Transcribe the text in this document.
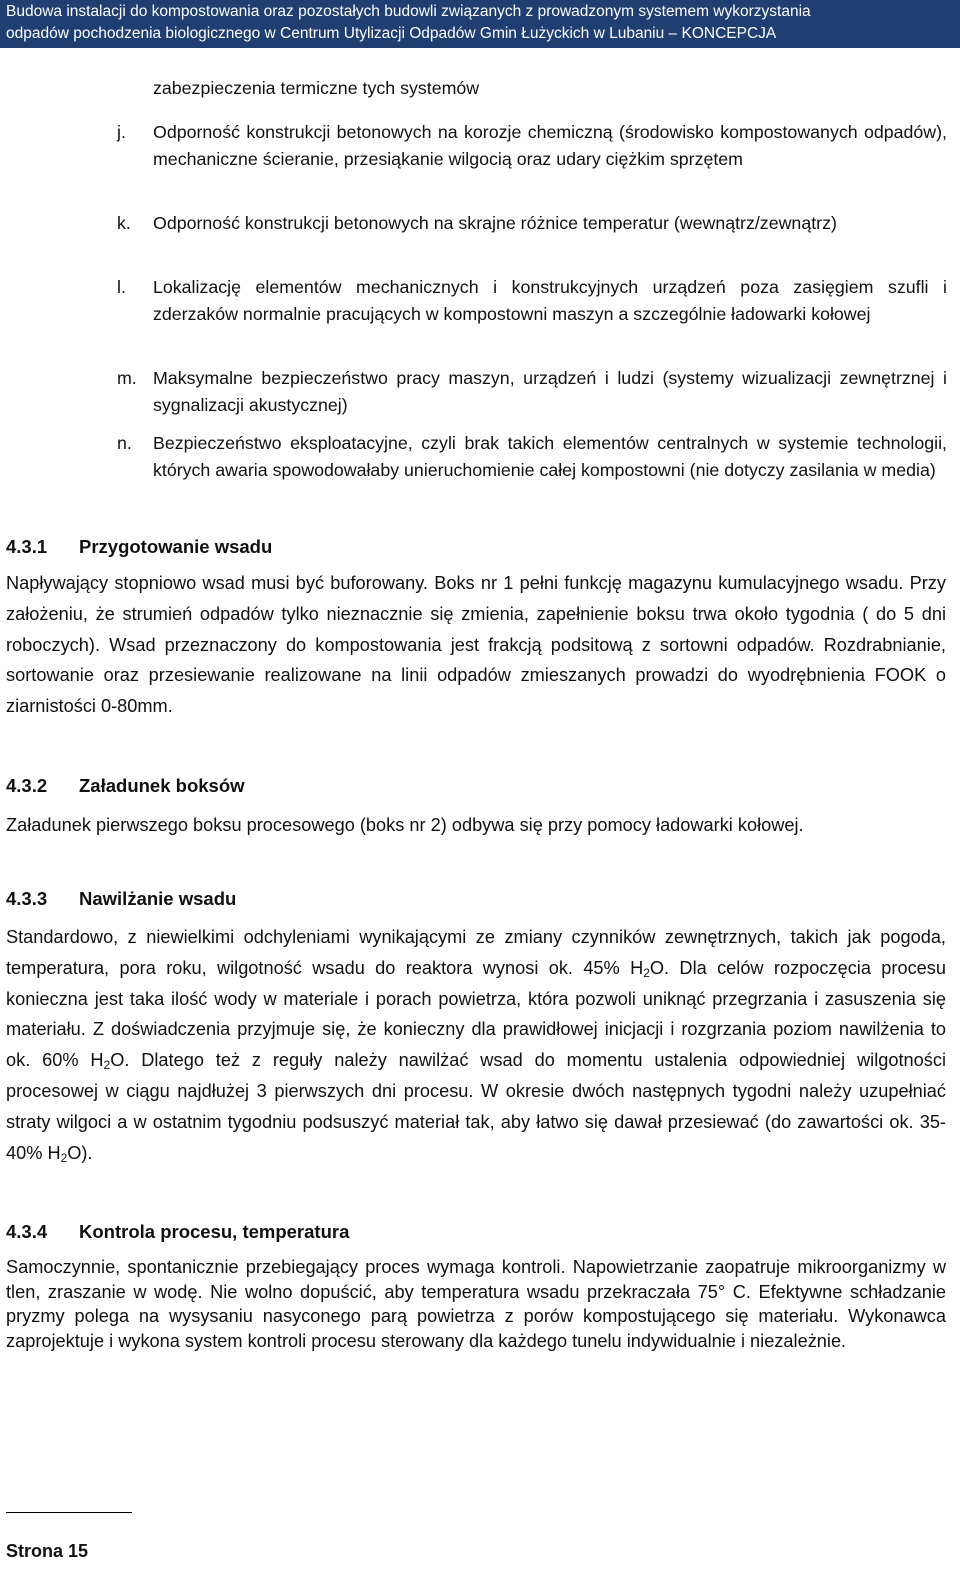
Budowa instalacji do kompostowania oraz pozostałych budowli związanych z prowadzonym systemem wykorzystania
odpadów pochodzenia biologicznego w Centrum Utylizacji Odpadów Gmin Łużyckich w Lubaniu – KONCEPCJA
zabezpieczenia termiczne tych systemów
j. Odporność konstrukcji betonowych na korozje chemiczną (środowisko kompostowanych odpadów), mechaniczne ścieranie, przesiąkanie wilgocią oraz udary ciężkim sprzętem
k. Odporność konstrukcji betonowych na skrajne różnice temperatur (wewnątrz/zewnątrz)
l. Lokalizację elementów mechanicznych i konstrukcyjnych urządzeń poza zasięgiem szufli i zderzaków normalnie pracujących w kompostowni maszyn a szczególnie ładowarki kołowej
m. Maksymalne bezpieczeństwo pracy maszyn, urządzeń i ludzi (systemy wizualizacji zewnętrznej i sygnalizacji akustycznej)
n. Bezpieczeństwo eksploatacyjne, czyli brak takich elementów centralnych w systemie technologii, których awaria spowodowałaby unieruchomienie całej kompostowni (nie dotyczy zasilania w media)
4.3.1 Przygotowanie wsadu
Napływający stopniowo wsad musi być buforowany. Boks nr 1 pełni funkcję magazynu kumulacyjnego wsadu. Przy założeniu, że strumień odpadów tylko nieznacznie się zmienia, zapełnienie boksu trwa około tygodnia ( do 5 dni roboczych). Wsad przeznaczony do kompostowania jest frakcją podsitową z sortowni odpadów. Rozdrabnianie, sortowanie oraz przesiewanie realizowane na linii odpadów zmieszanych prowadzi do wyodrębnienia FOOK o ziarnistości 0-80mm.
4.3.2 Załadunek boksów
Załadunek pierwszego boksu procesowego (boks nr 2) odbywa się przy pomocy ładowarki kołowej.
4.3.3 Nawilżanie wsadu
Standardowo, z niewielkimi odchyleniami wynikającymi ze zmiany czynników zewnętrznych, takich jak pogoda, temperatura, pora roku, wilgotność wsadu do reaktora wynosi ok. 45% $H_2O$. Dla celów rozpoczęcia procesu konieczna jest taka ilość wody w materiale i porach powietrza, która pozwoli uniknąć przegrzania i zasuszenia się materiału. Z doświadczenia przyjmuje się, że konieczny dla prawidłowej inicjacji i rozgrzania poziom nawilżenia to ok. 60% $H_2O$. Dlatego też z reguły należy nawilżać wsad do momentu ustalenia odpowiedniej wilgotności procesowej w ciągu najdłużej 3 pierwszych dni procesu. W okresie dwóch następnych tygodni należy uzupełniać straty wilgoci a w ostatnim tygodniu podsuszyć materiał tak, aby łatwo się dawał przesiewać (do zawartości ok. 35-40% $H_2O$).
4.3.4 Kontrola procesu, temperatura
Samoczynnie, spontanicznie przebiegający proces wymaga kontroli. Napowietrzanie zaopatruje mikroorganizmy w tlen, zraszanie w wodę. Nie wolno dopuścić, aby temperatura wsadu przekraczała 75° C. Efektywne schładzanie pryzmy polega na wysysaniu nasyconego parą powietrza z porów kompostującego się materiału. Wykonawca zaprojektuje i wykona system kontroli procesu sterowany dla każdego tunelu indywidualnie i niezależnie.
Strona 15
